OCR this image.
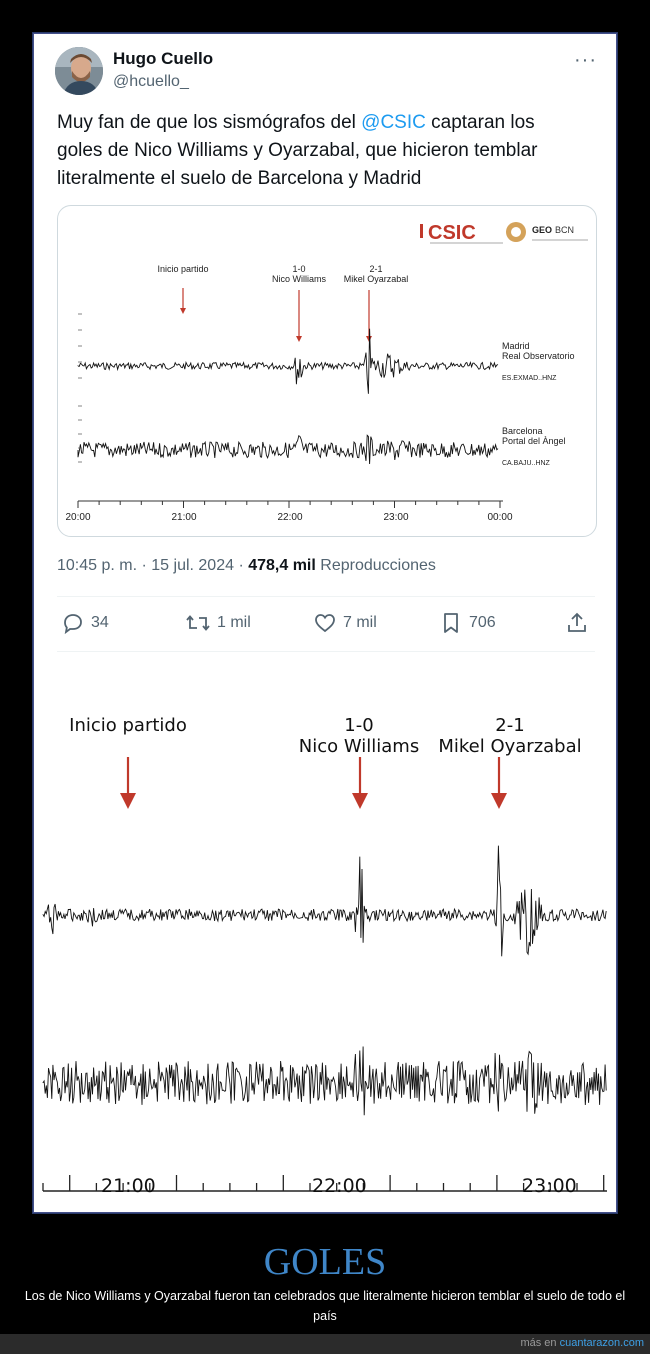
Hugo Cuello
@hcuello_
···
Muy fan de que los sismógrafos del @CSIC captaran los goles de Nico Williams y Oyarzabal, que hicieron temblar literalmente el suelo de Barcelona y Madrid
CSIC	GEO BCN
Inicio partido	1-0
Nico Williams
2-1
Mikel Oyarzabal
Madrid
Real Observatorio
ES.EXMAD..HNZ
Barcelona
Portal del Àngel
CA.BAJU..HNZ
20:00	21:00	22:00	23:00	00:00
10:45 p. m. · 15 jul. 2024 · 478,4 mil Reproducciones
34	1 mil	7 mil	706
Inicio partido	1-0
Nico Williams
2-1
Mikel Oyarzabal
21:00	22:00	23:00
GOLES
Los de Nico Williams y Oyarzabal fueron tan celebrados que literalmente hicieron temblar el suelo de todo el país
más en cuantarazon.com
